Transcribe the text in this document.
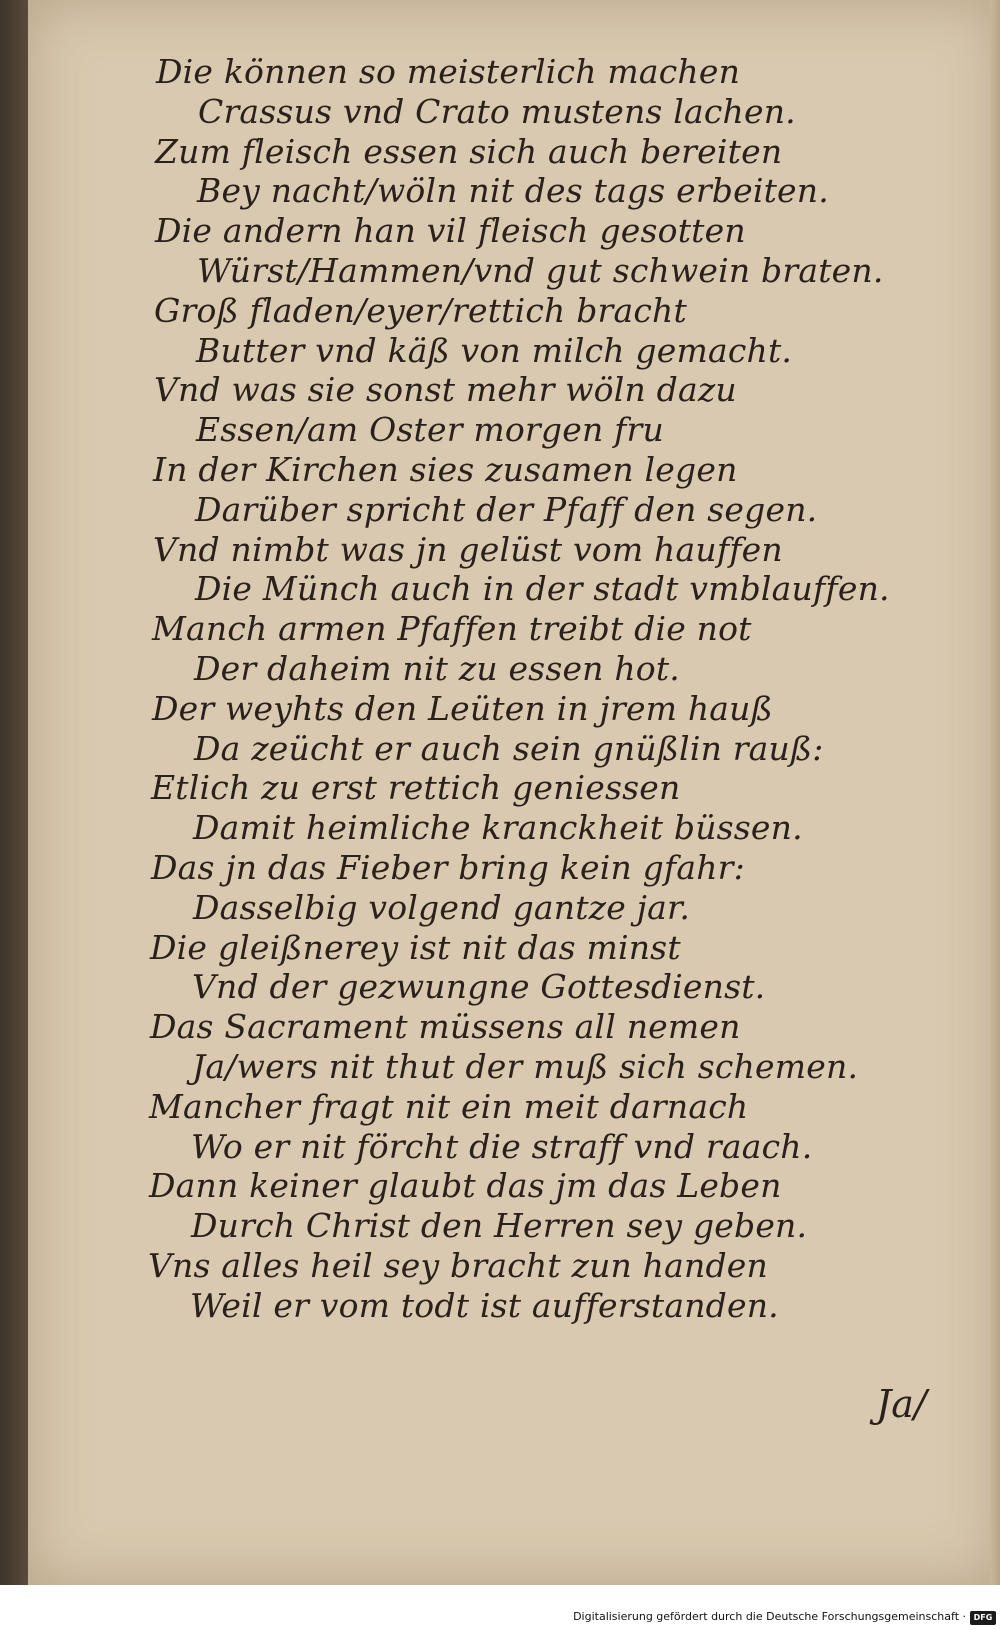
Die können so meisterlich machen

Crassus vnd Crato mustens lachen.

Zum fleisch essen sich auch bereiten

Bey nacht/wöln nit des tags erbeiten.

Die andern han vil fleisch gesotten

Würst/Hammen/vnd gut schwein braten.

Groß fladen/eyer/rettich bracht

Butter vnd käß von milch gemacht.

Vnd was sie sonst mehr wöln dazu

Essen/am Oster morgen fru

In der Kirchen sies zusamen legen

Darüber spricht der Pfaff den segen.

Vnd nimbt was jn gelüst vom hauffen

Die Münch auch in der stadt vmblauffen.

Manch armen Pfaffen treibt die not

Der daheim nit zu essen hot.

Der weyhts den Leüten in jrem hauß

Da zeücht er auch sein gnüßlin rauß:

Etlich zu erst rettich geniessen

Damit heimliche kranckheit büssen.

Das jn das Fieber bring kein gfahr:

Dasselbig volgend gantze jar.

Die gleißnerey ist nit das minst

Vnd der gezwungne Gottesdienst.

Das Sacrament müssens all nemen

Ja/wers nit thut der muß sich schemen.

Mancher fragt nit ein meit darnach

Wo er nit förcht die straff vnd raach.

Dann keiner glaubt das jm das Leben

Durch Christ den Herren sey geben.

Vns alles heil sey bracht zun handen

Weil er vom todt ist aufferstanden.

Ja/
Digitalisierung gefördert durch die Deutsche Forschungsgemeinschaft · DFG
